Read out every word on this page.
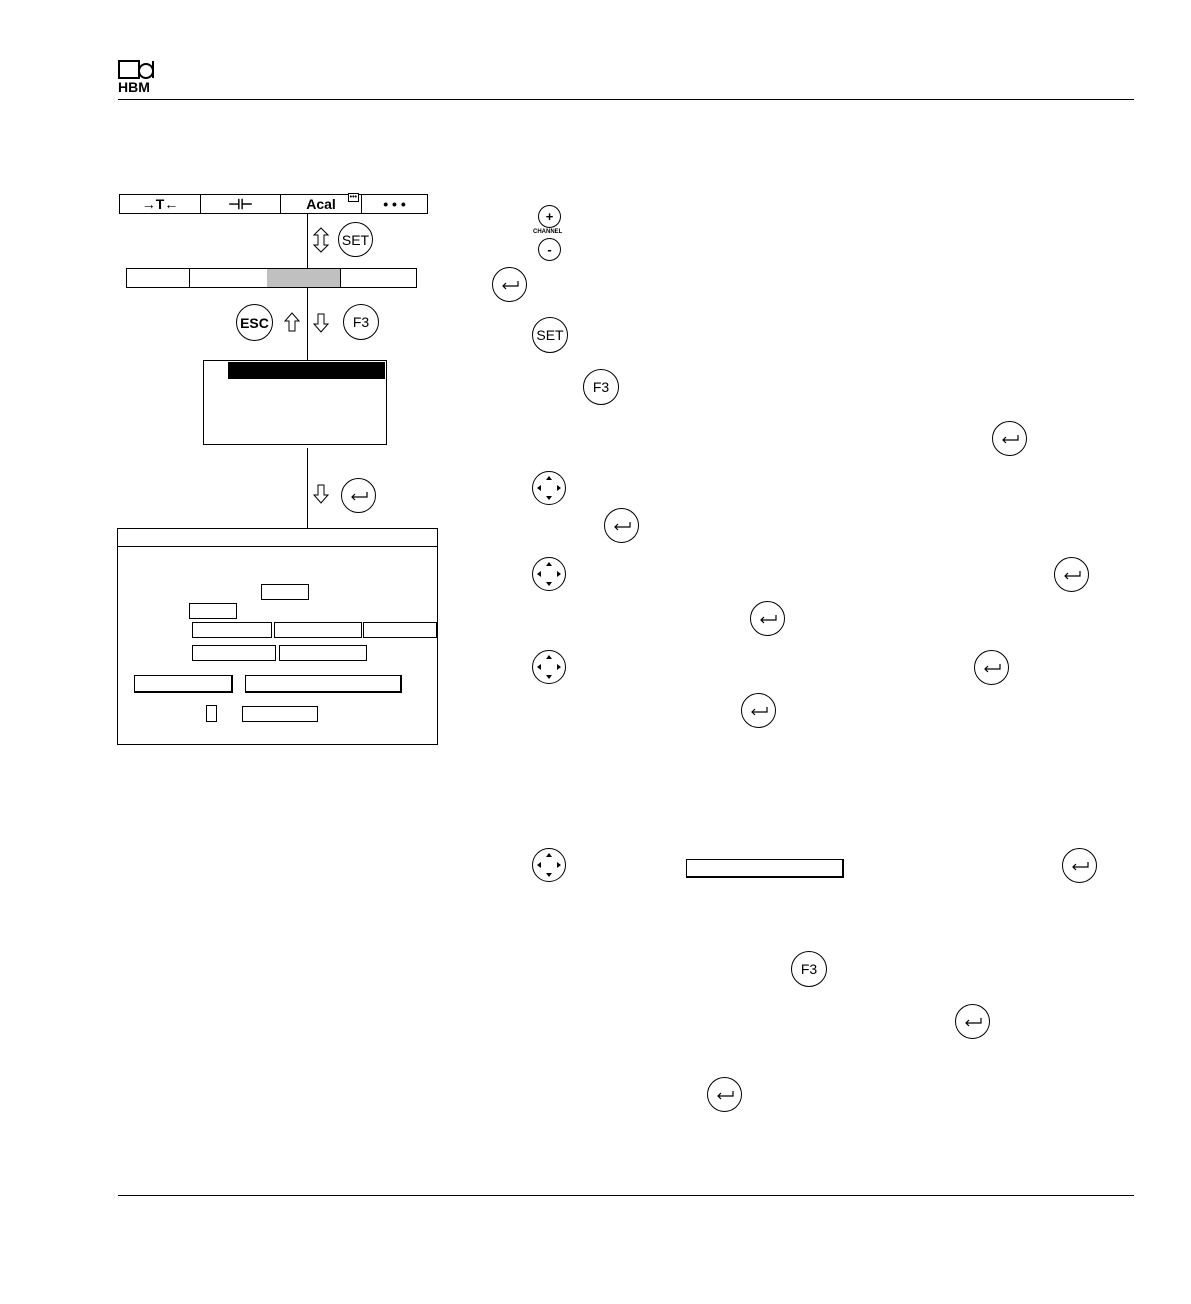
HBM
→T←	⊣⊢	Acal ••• • • •
SET
ESC	F3
+
CHANNEL
-
SET
F3
F3
